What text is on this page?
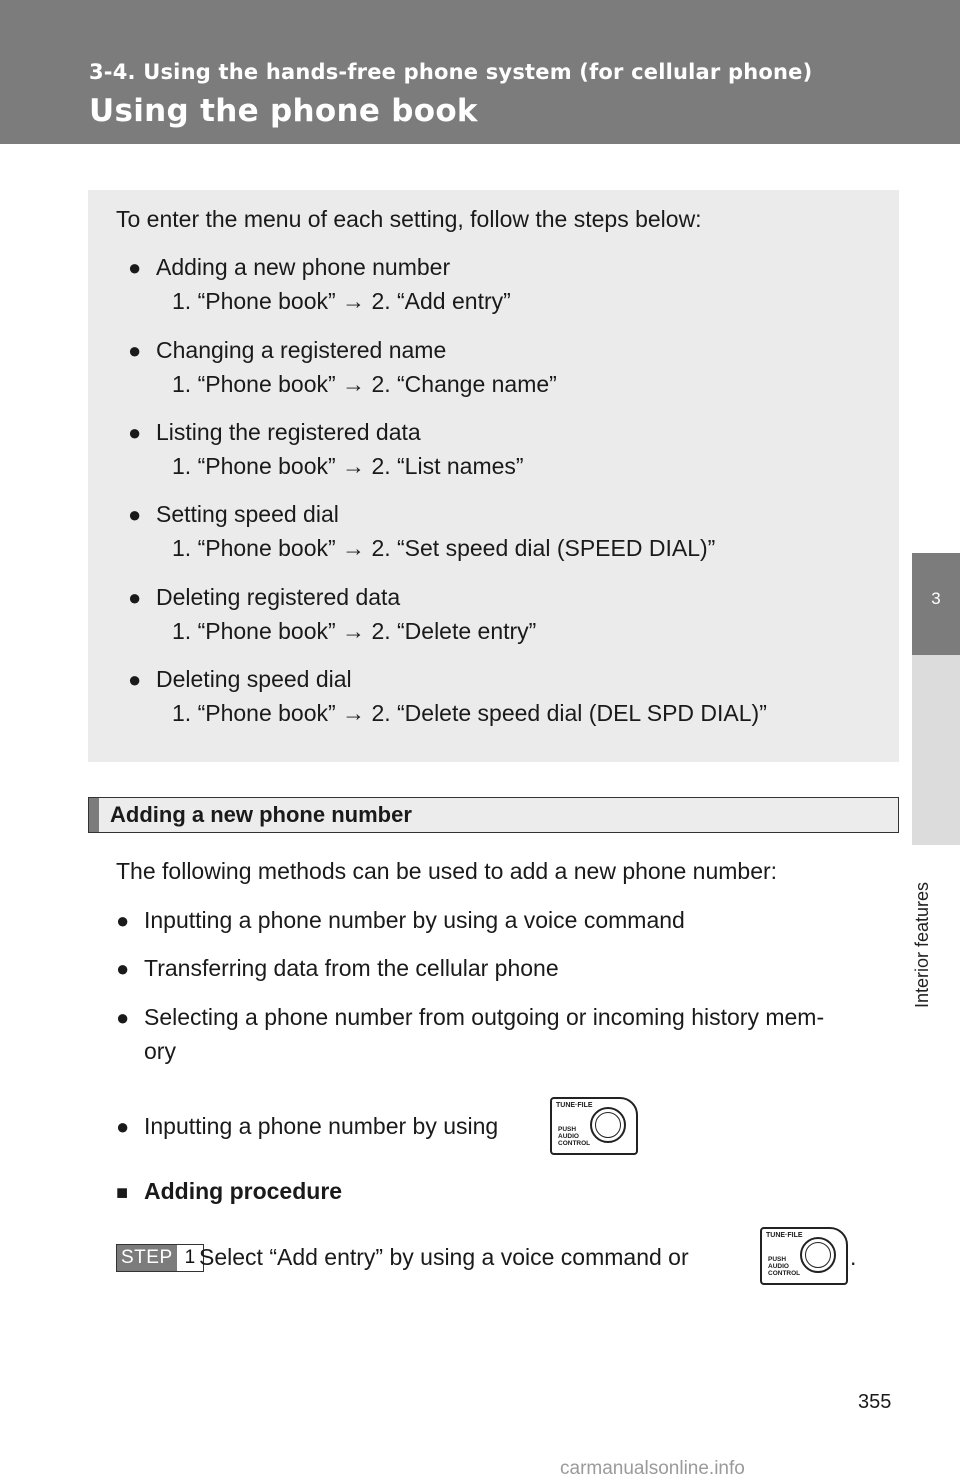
3-4. Using the hands-free phone system (for cellular phone)
Using the phone book
3
Interior features
To enter the menu of each setting, follow the steps below:
● Adding a new phone number
1. “Phone book” → 2. “Add entry”
● Changing a registered name
1. “Phone book” → 2. “Change name”
● Listing the registered data
1. “Phone book” → 2. “List names”
● Setting speed dial
1. “Phone book” → 2. “Set speed dial (SPEED DIAL)”
● Deleting registered data
1. “Phone book” → 2. “Delete entry”
● Deleting speed dial
1. “Phone book” → 2. “Delete speed dial (DEL SPD DIAL)”
Adding a new phone number
The following methods can be used to add a new phone number:
● Inputting a phone number by using a voice command
● Transferring data from the cellular phone
● Selecting a phone number from outgoing or incoming history mem-
ory
● Inputting a phone number by using
TUNE·FILE
PUSH
AUDIO
CONTROL
■ Adding procedure
STEP 1 Select “Add entry” by using a voice command or
TUNE·FILE
PUSH
AUDIO
CONTROL
.
355
carmanualsonline.info
